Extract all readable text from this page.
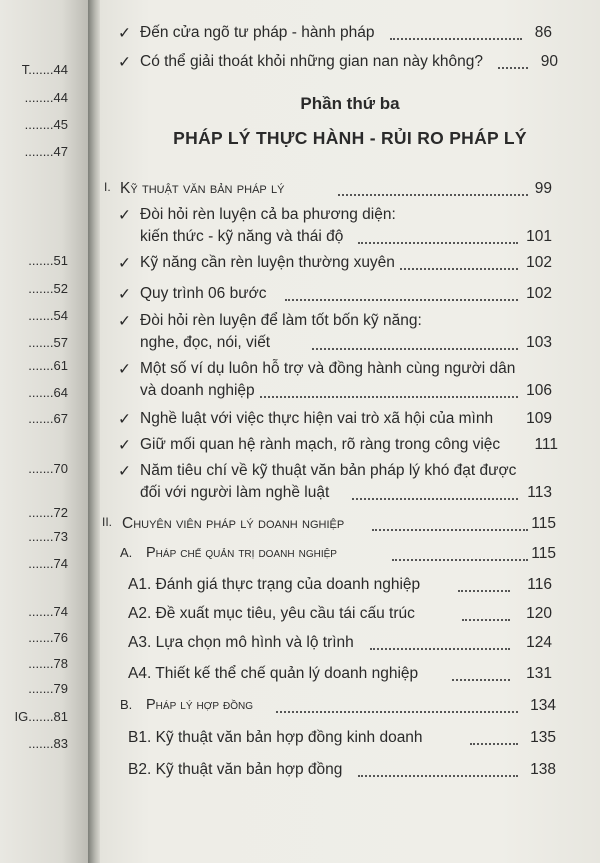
T.......44
........44
........45
........47
.......51
.......52
.......54
.......57
.......61
.......64
.......67
.......70
.......72
.......73
.......74
.......74
.......76
.......78
.......79
IG.......81
.......83
✓ Đến cửa ngõ tư pháp - hành pháp	86
✓ Có thể giải thoát khỏi những gian nan này không?	90
Phần thứ ba
PHÁP LÝ THỰC HÀNH - RỦI RO PHÁP LÝ
I. Kỹ thuật văn bản pháp lý	99
✓ Đòi hỏi rèn luyện cả ba phương diện:
kiến thức - kỹ năng và thái độ	101
✓ Kỹ năng cần rèn luyện thường xuyên	102
✓ Quy trình 06 bước	102
✓ Đòi hỏi rèn luyện để làm tốt bốn kỹ năng:
nghe, đọc, nói, viết	103
✓ Một số ví dụ luôn hỗ trợ và đồng hành cùng người dân
và doanh nghiệp	106
✓ Nghề luật với việc thực hiện vai trò xã hội của mình 109
✓ Giữ mối quan hệ rành mạch, rõ ràng trong công việc 111
✓ Năm tiêu chí về kỹ thuật văn bản pháp lý khó đạt được
đối với người làm nghề luật	113
II. Chuyên viên pháp lý doanh nghiệp	115
A. Pháp chế quản trị doanh nghiệp	115
A1. Đánh giá thực trạng của doanh nghiệp	116
A2. Đề xuất mục tiêu, yêu cầu tái cấu trúc	120
A3. Lựa chọn mô hình và lộ trình	124
A4. Thiết kế thể chế quản lý doanh nghiệp	131
B. Pháp lý hợp đồng	134
B1. Kỹ thuật văn bản hợp đồng kinh doanh	135
B2. Kỹ thuật văn bản hợp đồng	138
